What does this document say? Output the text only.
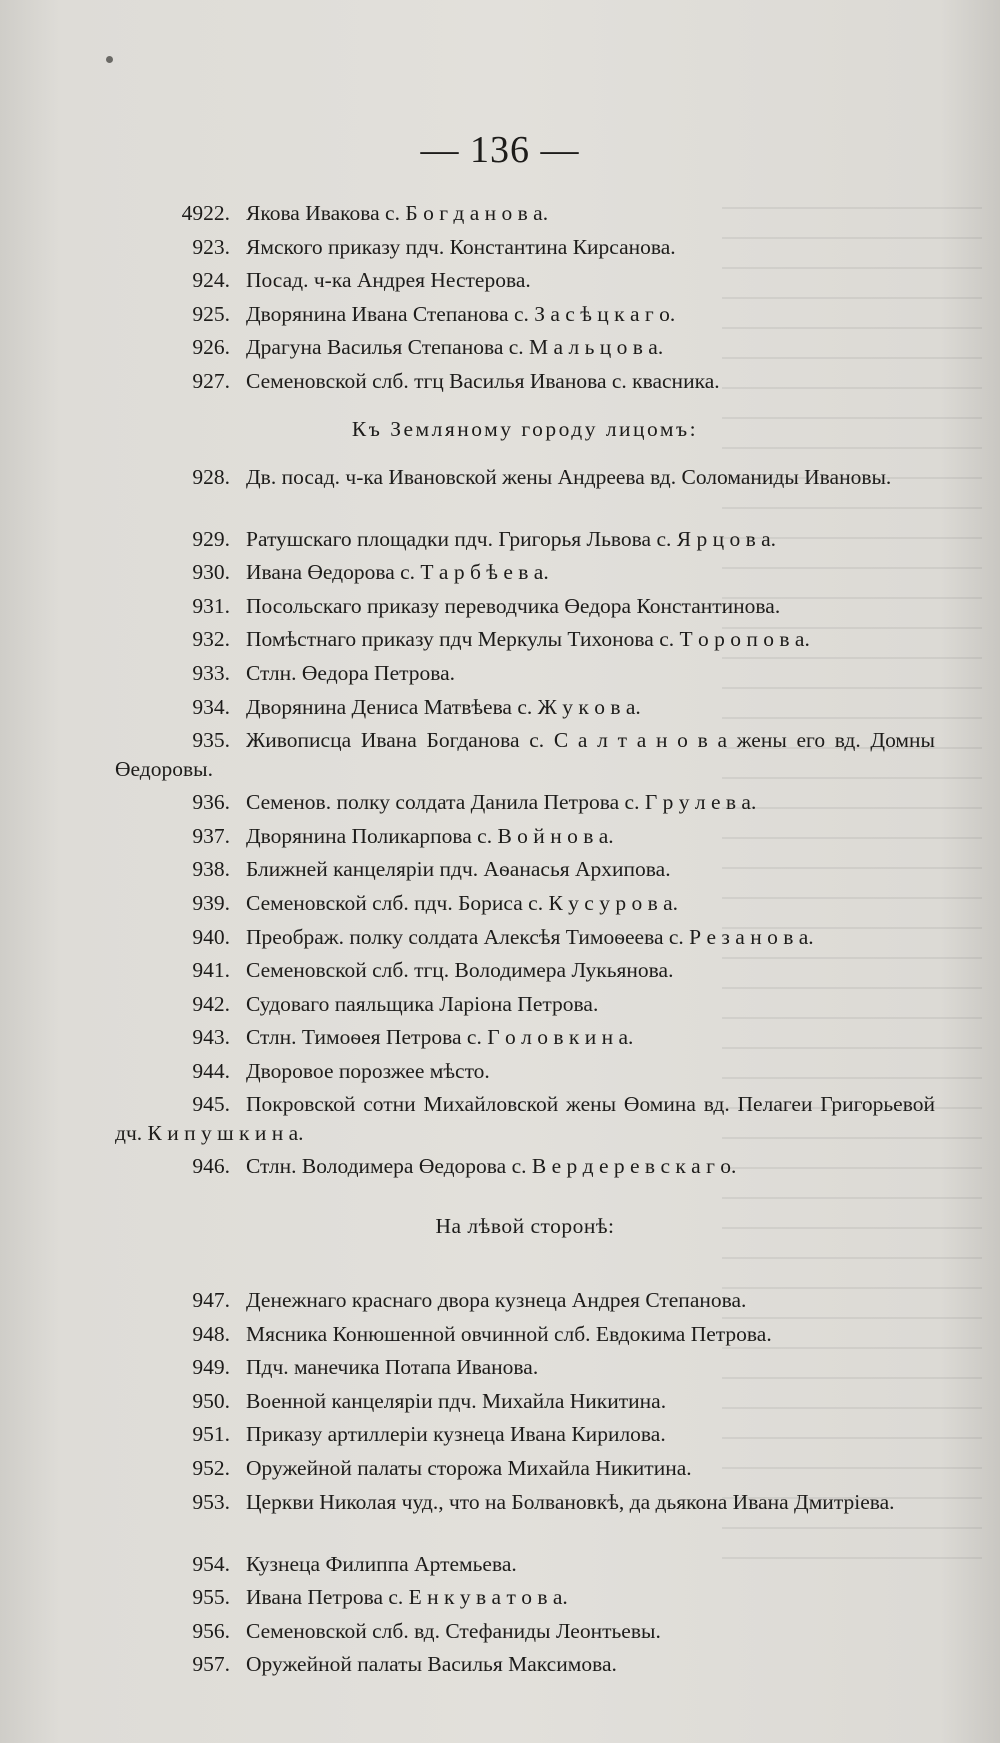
— 136 —
4922. Якова Ивакова с. Б о г д а н о в а.
923. Ямского приказу пдч. Константина Кирсанова.
924. Посад. ч-ка Андрея Нестерова.
925. Дворянина Ивана Степанова с. З а с ѣ ц к а г о.
926. Драгуна Василья Степанова с. М а л ь ц о в а.
927. Семеновской слб. тгц Василья Иванова с. квасника.
Къ Земляному городу лицомъ:
928. Дв. посад. ч-ка Ивановской жены Андреева вд. Соломаниды Ивановы.
929. Ратушскаго площадки пдч. Григорья Львова с. Я р ц о в а.
930. Ивана Өедорова с. Т а р б ѣ е в а.
931. Посольскаго приказу переводчика Өедора Константинова.
932. Помѣстнаго приказу пдч Меркулы Тихонова с. Т о р о п о в а.
933. Стлн. Өедора Петрова.
934. Дворянина Дениса Матвѣева с. Ж у к о в а.
935. Живописца Ивана Богданова с. С а л т а н о в а жены его вд. Домны Өедоровы.
936. Семенов. полку солдата Данила Петрова с. Г р у л е в а.
937. Дворянина Поликарпова с. В о й н о в а.
938. Ближней канцеляріи пдч. Аѳанасья Архипова.
939. Семеновской слб. пдч. Бориса с. К у с у р о в а.
940. Преображ. полку солдата Алексѣя Тимоѳеева с. Р е з а н о в а.
941. Семеновской слб. тгц. Володимера Лукьянова.
942. Судоваго паяльщика Ларіона Петрова.
943. Стлн. Тимоѳея Петрова с. Г о л о в к и н а.
944. Дворовое порозжее мѣсто.
945. Покровской сотни Михайловской жены Өомина вд. Пелагеи Григорьевой дч. К и п у ш к и н а.
946. Стлн. Володимера Өедорова с. В е р д е р е в с к а г о.
На лѣвой сторонѣ:
947. Денежнаго краснаго двора кузнеца Андрея Степанова.
948. Мясника Конюшенной овчинной слб. Евдокима Петрова.
949. Пдч. манечика Потапа Иванова.
950. Военной канцеляріи пдч. Михайла Никитина.
951. Приказу артиллеріи кузнеца Ивана Кирилова.
952. Оружейной палаты сторожа Михайла Никитина.
953. Церкви Николая чуд., что на Болвановкѣ, да дьякона Ивана Дмитріева.
954. Кузнеца Филиппа Артемьева.
955. Ивана Петрова с. Е н к у в а т о в а.
956. Семеновской слб. вд. Стефаниды Леонтьевы.
957. Оружейной палаты Василья Максимова.
